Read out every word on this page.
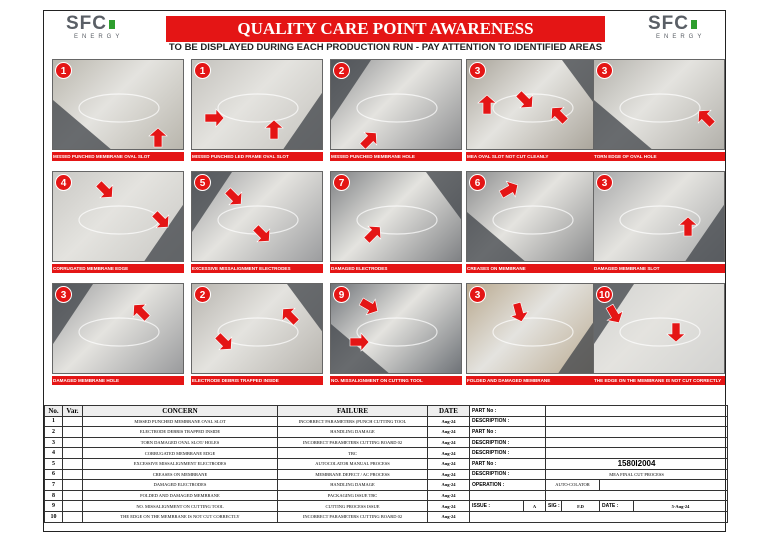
SFC
ENERGY	QUALITY CARE POINT AWARENESS	SFC
ENERGY
TO BE DISPLAYED DURING EACH PRODUCTION RUN - PAY ATTENTION TO IDENTIFIED AREAS
1
MISSED PUNCHED MEMBRANE OVAL SLOT
1
MISSED PUNCHED LED FRAME OVAL SLOT
2
MISSED PUNCHED MEMBRANE HOLE
3
MEA OVAL SLOT NOT CUT CLEANLY
3
TORN EDGE OF OVAL HOLE
4
CORRUGATED MEMBRANE EDGE
5
EXCESSIVE MISSALIGNMENT ELECTRODES
7
DAMAGED ELECTRODES
6
CREASES ON MEMBRANE
3
DAMAGED MEMBRANE SLOT
3
DAMAGED MEMBRANE HOLE
2
ELECTRODE DEBRIS TRAPPED INSIDE
9
NO. MISSALIGNMENT ON CUTTING TOOL
3
FOLDED AND DAMAGED MEMBRANE
10
THE EDGE ON THE MEMBRANE IS NOT CUT CORRECTLY
No.	Var.	CONCERN	FAILURE	DATE	PART No :					
1		MISSED PUNCHED MEMBRANE OVAL SLOT	INCORRECT PARAMETERS (PUNCH CUTTING TOOL	Aug-24	DESCRIPTION :					
2		ELECTRODE DEBRIS TRAPPED INSIDE	HANDLING DAMAGE	Aug-24	PART No :					
3		TORN DAMAGED OVAL SLOT/ HOLES	INCORRECT PARAMETERS CUTTING BOARD 02	Aug-24	DESCRIPTION :					
4		CORRUGATED MEMBRANE EDGE	TBC	Aug-24	DESCRIPTION :					
5		EXCESSIVE MISSALIGNMENT ELECTRODES	AUTOCOLATOR MANUAL PROCESS	Aug-24	PART No :		1580I2004			
6		CREASES ON MEMBRANE	MEMBRANE DEFECT / AC PROCESS	Aug-24	DESCRIPTION :		MEA FINAL CUT PROCESS			
7		DAMAGED ELECTRODES	HANDLING DAMAGE	Aug-24	OPERATION :		AUTO-COLATOR			
8		FOLDED AND DAMAGED MEMBRANE	PACKAGING ISSUE TBC	Aug-24						
9		NO. MISSALIGNMENT ON CUTTING TOOL	CUTTING PROCESS ISSUE	Aug-24	ISSUE :	A	SIG :	F.D	DATE :	5-Aug-24
10		THE EDGE ON THE MEMBRANE IS NOT CUT CORRECTLY	INCORRECT PARAMETERS CUTTING BOARD 02	Aug-24						
